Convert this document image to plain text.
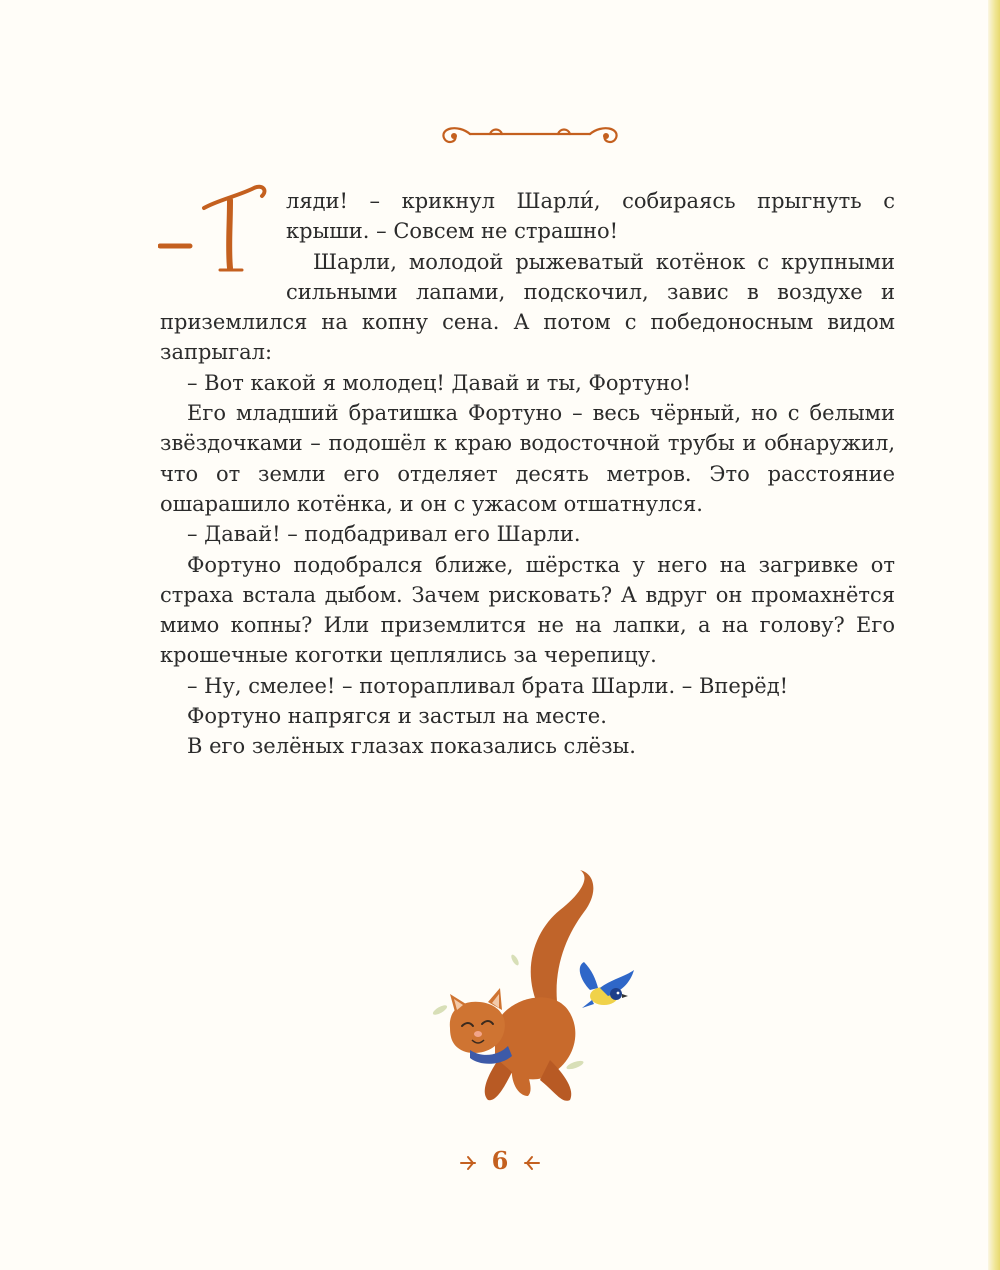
ляди! – крикнул Шарли́, собираясь прыгнуть с крыши. – Совсем не страшно!

Шарли, молодой рыжеватый котёнок с крупными сильными лапами, подскочил, завис в воздухе и приземлился на копну сена. А потом с победоносным видом запрыгал:

– Вот какой я молодец! Давай и ты, Фортуно!

Его младший братишка Фортуно – весь чёрный, но с белыми звёздочками – подошёл к краю водосточной трубы и обнаружил, что от земли его отделяет десять метров. Это расстояние ошарашило котёнка, и он с ужасом отшатнулся.

– Давай! – подбадривал его Шарли.

Фортуно подобрался ближе, шёрстка у него на загривке от страха встала дыбом. Зачем рисковать? А вдруг он промахнётся мимо копны? Или приземлится не на лапки, а на голову? Его крошечные коготки цеплялись за черепицу.

– Ну, смелее! – поторапливал брата Шарли. – Вперёд!

Фортуно напрягся и застыл на месте.

В его зелёных глазах показались слёзы.

6
